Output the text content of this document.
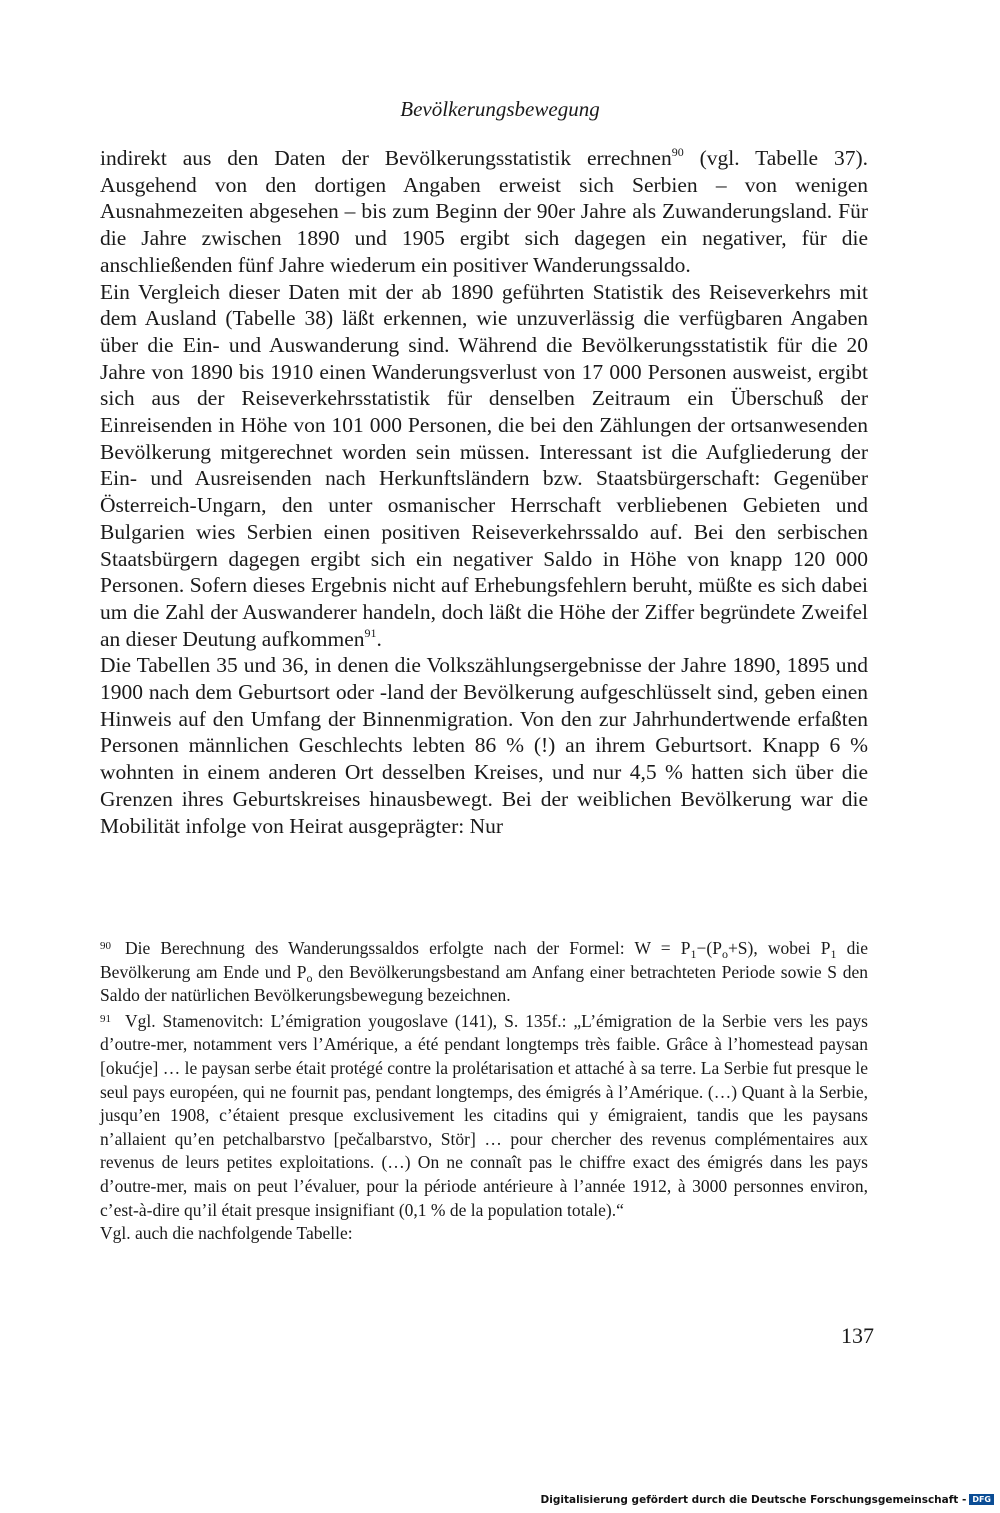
Bevölkerungsbewegung

indirekt aus den Daten der Bevölkerungsstatistik errechnen$^{90}$ (vgl. Tabelle 37). Ausgehend von den dortigen Angaben erweist sich Serbien – von wenigen Ausnahmezeiten abgesehen – bis zum Beginn der 90er Jahre als Zuwanderungsland. Für die Jahre zwischen 1890 und 1905 ergibt sich dagegen ein negativer, für die anschließenden fünf Jahre wiederum ein positiver Wanderungssaldo.

Ein Vergleich dieser Daten mit der ab 1890 geführten Statistik des Reiseverkehrs mit dem Ausland (Tabelle 38) läßt erkennen, wie unzuverlässig die verfügbaren Angaben über die Ein- und Auswanderung sind. Während die Bevölkerungsstatistik für die 20 Jahre von 1890 bis 1910 einen Wanderungsverlust von 17 000 Personen ausweist, ergibt sich aus der Reiseverkehrsstatistik für denselben Zeitraum ein Überschuß der Einreisenden in Höhe von 101 000 Personen, die bei den Zählungen der ortsanwesenden Bevölkerung mitgerechnet worden sein müssen. Interessant ist die Aufgliederung der Ein- und Ausreisenden nach Herkunftsländern bzw. Staatsbürgerschaft: Gegenüber Österreich-Ungarn, den unter osmanischer Herrschaft verbliebenen Gebieten und Bulgarien wies Serbien einen positiven Reiseverkehrssaldo auf. Bei den serbischen Staatsbürgern dagegen ergibt sich ein negativer Saldo in Höhe von knapp 120 000 Personen. Sofern dieses Ergebnis nicht auf Erhebungsfehlern beruht, müßte es sich dabei um die Zahl der Auswanderer handeln, doch läßt die Höhe der Ziffer begründete Zweifel an dieser Deutung aufkommen$^{91}$.

Die Tabellen 35 und 36, in denen die Volkszählungsergebnisse der Jahre 1890, 1895 und 1900 nach dem Geburtsort oder -land der Bevölkerung aufgeschlüsselt sind, geben einen Hinweis auf den Umfang der Binnenmigration. Von den zur Jahrhundertwende erfaßten Personen männlichen Geschlechts lebten 86 % (!) an ihrem Geburtsort. Knapp 6 % wohnten in einem anderen Ort desselben Kreises, und nur 4,5 % hatten sich über die Grenzen ihres Geburtskreises hinausbewegt. Bei der weiblichen Bevölkerung war die Mobilität infolge von Heirat ausgeprägter: Nur

$^{90}$ Die Berechnung des Wanderungssaldos erfolgte nach der Formel: $W = P_1-(P_o+S)$, wobei $P_1$ die Bevölkerung am Ende und $P_o$ den Bevölkerungsbestand am Anfang einer betrachteten Periode sowie S den Saldo der natürlichen Bevölkerungsbewegung bezeichnen.

$^{91}$ Vgl. Stamenovitch: L’émigration yougoslave (141), S. 135f.: „L’émigration de la Serbie vers les pays d’outre-mer, notamment vers l’Amérique, a été pendant longtemps très faible. Grâce à l’homestead paysan [okućje] … le paysan serbe était protégé contre la prolétarisation et attaché à sa terre. La Serbie fut presque le seul pays européen, qui ne fournit pas, pendant longtemps, des émigrés à l’Amérique. (…) Quant à la Serbie, jusqu’en 1908, c’étaient presque exclusivement les citadins qui y émigraient, tandis que les paysans n’allaient qu’en petchalbarstvo [pečalbarstvo, Stör] … pour chercher des revenus complémentaires aux revenus de leurs petites exploitations. (…) On ne connaît pas le chiffre exact des émigrés dans les pays d’outre-mer, mais on peut l’évaluer, pour la période antérieure à l’année 1912, à 3000 personnes environ, c’est-à-dire qu’il était presque insignifiant (0,1 % de la population totale).“

Vgl. auch die nachfolgende Tabelle:

137
Digitalisierung gefördert durch die Deutsche Forschungsgemeinschaft - DFG
